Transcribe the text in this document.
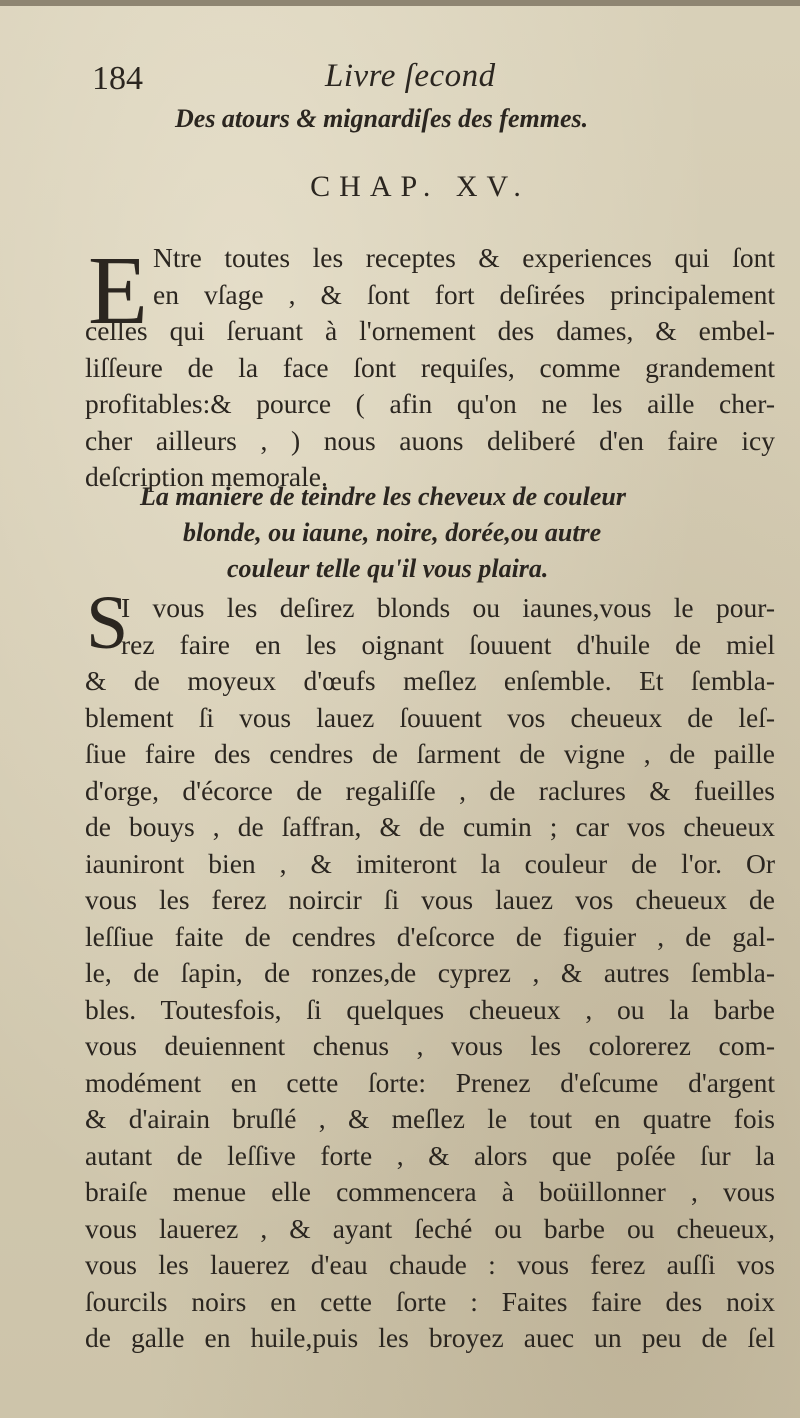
184	Livre ſecond
Des atours & mignardiſes des femmes.
CHAP. XV.
E Ntre toutes les receptes & experiences qui ſont
en vſage , & ſont fort deſirées principalement
celles qui ſeruant à l'ornement des dames, & embel-
liſſeure de la face ſont requiſes, comme grandement
profitables:& pource ( afin qu'on ne les aille cher-
cher ailleurs , ) nous auons deliberé d'en faire icy
deſcription memorale.
La maniere de teindre les cheveux de couleur
blonde, ou iaune, noire, dorée,ou autre
couleur telle qu'il vous plaira.
S
I vous les deſirez blonds ou iaunes,vous le pour-
rez faire en les oignant ſouuent d'huile de miel
& de moyeux d'œufs meſlez enſemble. Et ſembla-
blement ſi vous lauez ſouuent vos cheueux de leſ-
ſiue faire des cendres de ſarment de vigne , de paille
d'orge, d'écorce de regaliſſe , de raclures & fueilles
de bouys , de ſaffran, & de cumin ; car vos cheueux
iauniront bien , & imiteront la couleur de l'or. Or
vous les ferez noircir ſi vous lauez vos cheueux de
leſſiue faite de cendres d'eſcorce de figuier , de gal-
le, de ſapin, de ronzes,de cyprez , & autres ſembla-
bles. Toutesfois, ſi quelques cheueux , ou la barbe
vous deuiennent chenus , vous les colorerez com-
modément en cette ſorte: Prenez d'eſcume d'argent
& d'airain bruſlé , & meſlez le tout en quatre fois
autant de leſſive forte , & alors que poſée ſur la
braiſe menue elle commencera à boüillonner , vous
vous lauerez , & ayant ſeché ou barbe ou cheueux,
vous les lauerez d'eau chaude : vous ferez auſſi vos
ſourcils noirs en cette ſorte : Faites faire des noix
de galle en huile,puis les broyez auec un peu de ſel
